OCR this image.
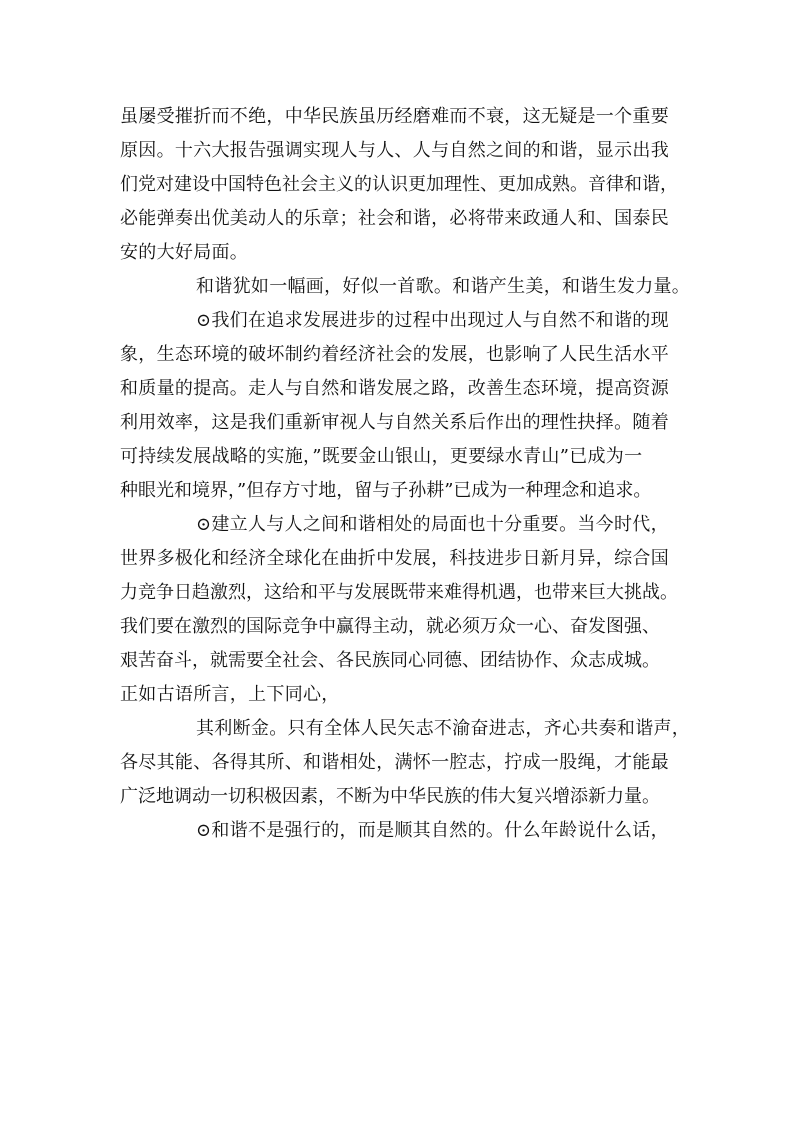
虽屡受摧折而不绝，中华民族虽历经磨难而不衰，这无疑是一个重要
原因。十六大报告强调实现人与人、人与自然之间的和谐，显示出我
们党对建设中国特色社会主义的认识更加理性、更加成熟。音律和谐，
必能弹奏出优美动人的乐章；社会和谐，必将带来政通人和、国泰民
安的大好局面。
和谐犹如一幅画，好似一首歌。和谐产生美，和谐生发力量。
⊙我们在追求发展进步的过程中出现过人与自然不和谐的现
象，生态环境的破坏制约着经济社会的发展，也影响了人民生活水平
和质量的提高。走人与自然和谐发展之路，改善生态环境，提高资源
利用效率，这是我们重新审视人与自然关系后作出的理性抉择。随着
可持续发展战略的实施，”既要金山银山，更要绿水青山”已成为一
种眼光和境界，”但存方寸地，留与子孙耕”已成为一种理念和追求。
⊙建立人与人之间和谐相处的局面也十分重要。当今时代，
世界多极化和经济全球化在曲折中发展，科技进步日新月异，综合国
力竞争日趋激烈，这给和平与发展既带来难得机遇，也带来巨大挑战。
我们要在激烈的国际竞争中赢得主动，就必须万众一心、奋发图强、
艰苦奋斗，就需要全社会、各民族同心同德、团结协作、众志成城。
正如古语所言，上下同心，
其利断金。只有全体人民矢志不渝奋进志，齐心共奏和谐声，
各尽其能、各得其所、和谐相处，满怀一腔志，拧成一股绳，才能最
广泛地调动一切积极因素，不断为中华民族的伟大复兴增添新力量。
⊙和谐不是强行的，而是顺其自然的。什么年龄说什么话，
